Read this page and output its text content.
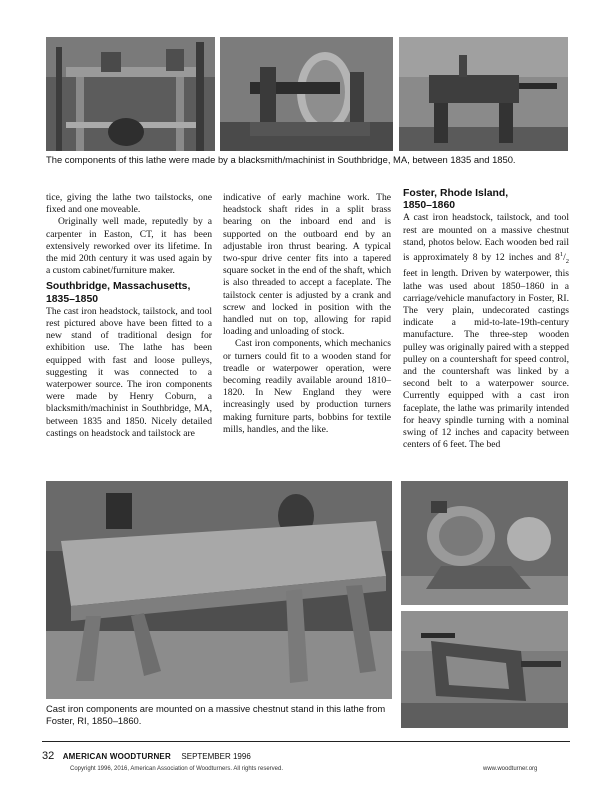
The components of this lathe were made by a blacksmith/machinist in Southbridge, MA, between 1835 and 1850.

tice, giving the lathe two tailstocks, one fixed and one moveable.

Originally well made, reputedly by a carpenter in Easton, CT, it has been extensively reworked over its lifetime. In the mid 20th century it was used again by a custom cabinet/furniture maker.

Southbridge, Massachusetts, 1835–1850

The cast iron headstock, tailstock, and tool rest pictured above have been fitted to a new stand of traditional design for exhibition use. The lathe has been equipped with fast and loose pulleys, suggesting it was connected to a waterpower source. The iron components were made by Henry Coburn, a blacksmith/machinist in Southbridge, MA, between 1835 and 1850. Nicely detailed castings on headstock and tailstock are

indicative of early machine work. The headstock shaft rides in a split brass bearing on the inboard end and is supported on the outboard end by an adjustable iron thrust bearing. A typical two-spur drive center fits into a tapered square socket in the end of the shaft, which is also threaded to accept a faceplate. The tailstock center is adjusted by a crank and screw and locked in position with the handled nut on top, allowing for rapid loading and unloading of stock.

Cast iron components, which mechanics or turners could fit to a wooden stand for treadle or waterpower operation, were becoming readily available around 1810–1820. In New England they were increasingly used by production turners making furniture parts, bobbins for textile mills, handles, and the like.

Foster, Rhode Island,
1850–1860

A cast iron headstock, tailstock, and tool rest are mounted on a massive chestnut stand, photos below. Each wooden bed rail is approximately 8 by 12 inches and $8^1/_2$ feet in length. Driven by waterpower, this lathe was used about 1850–1860 in a carriage/vehicle manufactory in Foster, RI. The very plain, undecorated castings indicate a mid-to-late-19th-century manufacture. The three-step wooden pulley was originally paired with a stepped pulley on a countershaft for speed control, and the countershaft was linked by a second belt to a waterpower source. Currently equipped with a cast iron faceplate, the lathe was primarily intended for heavy spindle turning with a nominal swing of 12 inches and capacity between centers of 6 feet. The bed

Cast iron components are mounted on a massive chestnut stand in this lathe from Foster, RI, 1850–1860.
32 AMERICAN WOODTURNER SEPTEMBER 1996
Copyright 1996, 2016, American Association of Woodturners. All rights reserved.	www.woodturner.org
